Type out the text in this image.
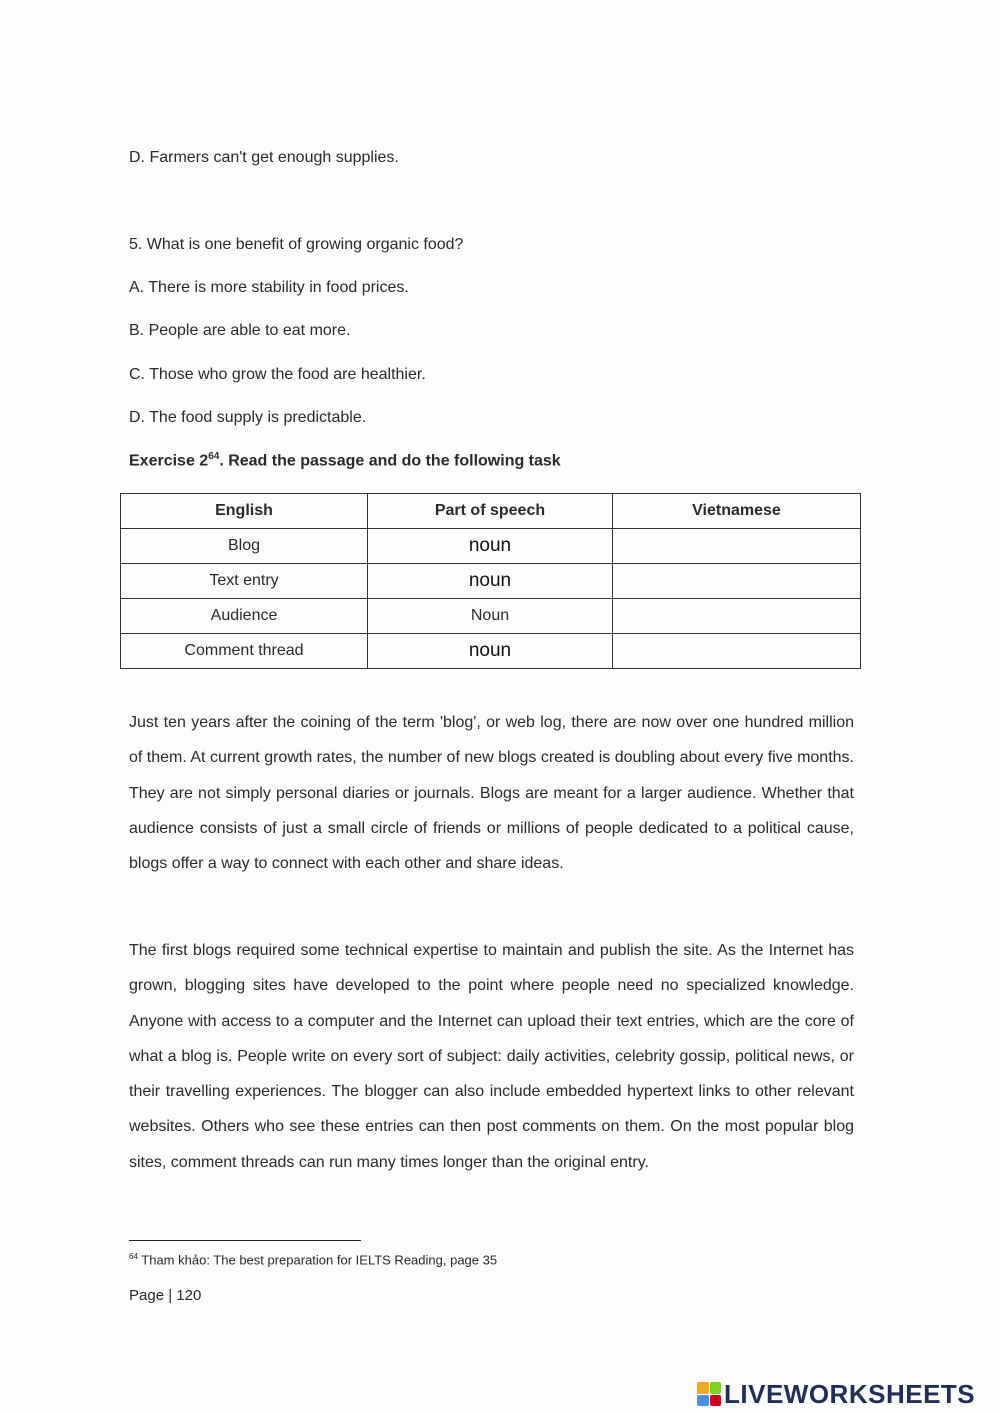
D. Farmers can't get enough supplies.
5. What is one benefit of growing organic food?
A. There is more stability in food prices.
B. People are able to eat more.
C. Those who grow the food are healthier.
D. The food supply is predictable.
Exercise $2^{64}$. Read the passage and do the following task
English	Part of speech	Vietnamese
Blog	noun	
Text entry	noun	
Audience	Noun	
Comment thread	noun	

Just ten years after the coining of the term 'blog', or web log, there are now over one hundred million of them. At current growth rates, the number of new blogs created is doubling about every five months. They are not simply personal diaries or journals. Blogs are meant for a larger audience. Whether that audience consists of just a small circle of friends or millions of people dedicated to a political cause, blogs offer a way to connect with each other and share ideas.

The first blogs required some technical expertise to maintain and publish the site. As the Internet has grown, blogging sites have developed to the point where people need no specialized knowledge. Anyone with access to a computer and the Internet can upload their text entries, which are the core of what a blog is. People write on every sort of subject: daily activities, celebrity gossip, political news, or their travelling experiences. The blogger can also include embedded hypertext links to other relevant websites. Others who see these entries can then post comments on them. On the most popular blog sites, comment threads can run many times longer than the original entry.

$^{64}$ Tham khảo: The best preparation for IELTS Reading, page 35
Page | 120
LIVEWORKSHEETS
